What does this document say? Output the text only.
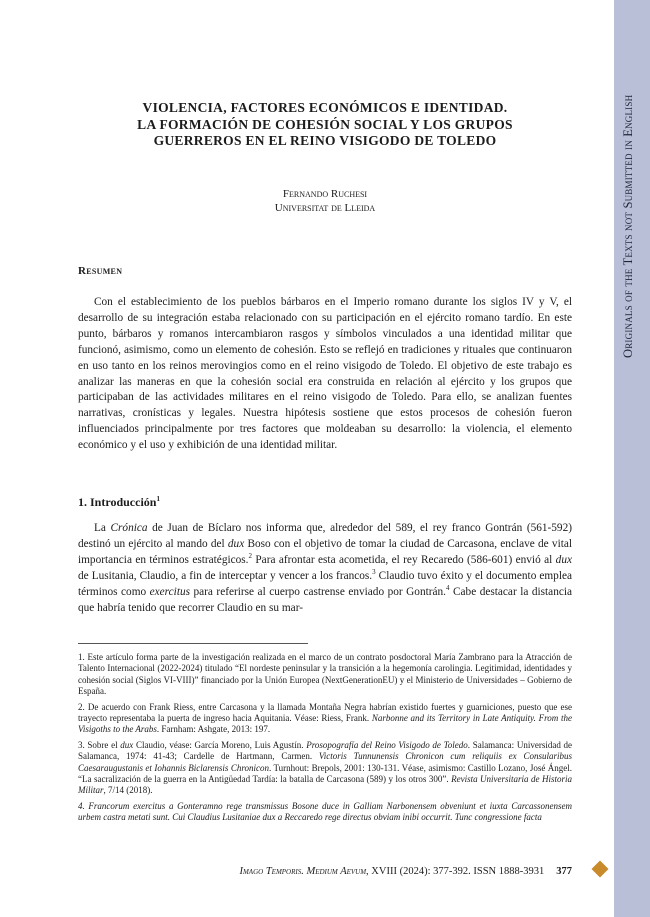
Originals of the Texts not Submitted in English
VIOLENCIA, FACTORES ECONÓMICOS E IDENTIDAD.
LA FORMACIÓN DE COHESIÓN SOCIAL Y LOS GRUPOS
GUERREROS EN EL REINO VISIGODO DE TOLEDO
Fernando Ruchesi
Universitat de Lleida
Resumen

Con el establecimiento de los pueblos bárbaros en el Imperio romano durante los siglos IV y V, el desarrollo de su integración estaba relacionado con su participación en el ejército romano tardío. En este punto, bárbaros y romanos intercambiaron rasgos y símbolos vinculados a una identidad militar que funcionó, asimismo, como un elemento de cohesión. Esto se reflejó en tradiciones y rituales que continuaron en uso tanto en los reinos merovingios como en el reino visigodo de Toledo. El objetivo de este trabajo es analizar las maneras en que la cohesión social era construida en relación al ejército y los grupos que participaban de las actividades militares en el reino visigodo de Toledo. Para ello, se analizan fuentes narrativas, cronísticas y legales. Nuestra hipótesis sostiene que estos procesos de cohesión fueron influenciados principalmente por tres factores que moldeaban su desarrollo: la violencia, el elemento económico y el uso y exhibición de una identidad militar.

1. Introducción$^1$

La Crónica de Juan de Bíclaro nos informa que, alrededor del 589, el rey franco Gontrán (561-592) destinó un ejército al mando del dux Boso con el objetivo de tomar la ciudad de Carcasona, enclave de vital importancia en términos estratégicos.$^2$ Para afrontar esta acometida, el rey Recaredo (586-601) envió al dux de Lusitania, Claudio, a fin de interceptar y vencer a los francos.$^3$ Claudio tuvo éxito y el documento emplea términos como exercitus para referirse al cuerpo castrense enviado por Gontrán.$^4$ Cabe destacar la distancia que habría tenido que recorrer Claudio en su mar-

1. Este artículo forma parte de la investigación realizada en el marco de un contrato posdoctoral María Zambrano para la Atracción de Talento Internacional (2022-2024) titulado “El nordeste peninsular y la transición a la hegemonía carolingia. Legitimidad, identidades y cohesión social (Siglos VI-VIII)” financiado por la Unión Europea (NextGenerationEU) y el Ministerio de Universidades – Gobierno de España.

2. De acuerdo con Frank Riess, entre Carcasona y la llamada Montaña Negra habrían existido fuertes y guarniciones, puesto que ese trayecto representaba la puerta de ingreso hacia Aquitania. Véase: Riess, Frank. Narbonne and its Territory in Late Antiquity. From the Visigoths to the Arabs. Farnham: Ashgate, 2013: 197.

3. Sobre el dux Claudio, véase: García Moreno, Luis Agustín. Prosopografía del Reino Visigodo de Toledo. Salamanca: Universidad de Salamanca, 1974: 41-43; Cardelle de Hartmann, Carmen. Victoris Tunnunensis Chronicon cum reliquiis ex Consularibus Caesaraugustanis et Iohannis Biclarensis Chronicon. Turnhout: Brepols, 2001: 130-131. Véase, asimismo: Castillo Lozano, José Ángel. “La sacralización de la guerra en la Antigüedad Tardía: la batalla de Carcasona (589) y los otros 300”. Revista Universitaria de Historia Militar, 7/14 (2018).

4. Francorum exercitus a Gonteramno rege transmissus Bosone duce in Galliam Narbonensem obveniunt et iuxta Carcassonensem urbem castra metati sunt. Cui Claudius Lusitaniae dux a Reccaredo rege directus obviam inibi occurrit. Tunc congressione facta

Imago Temporis. Medium Aevum, XVIII (2024): 377-392. ISSN 1888-3931 377
